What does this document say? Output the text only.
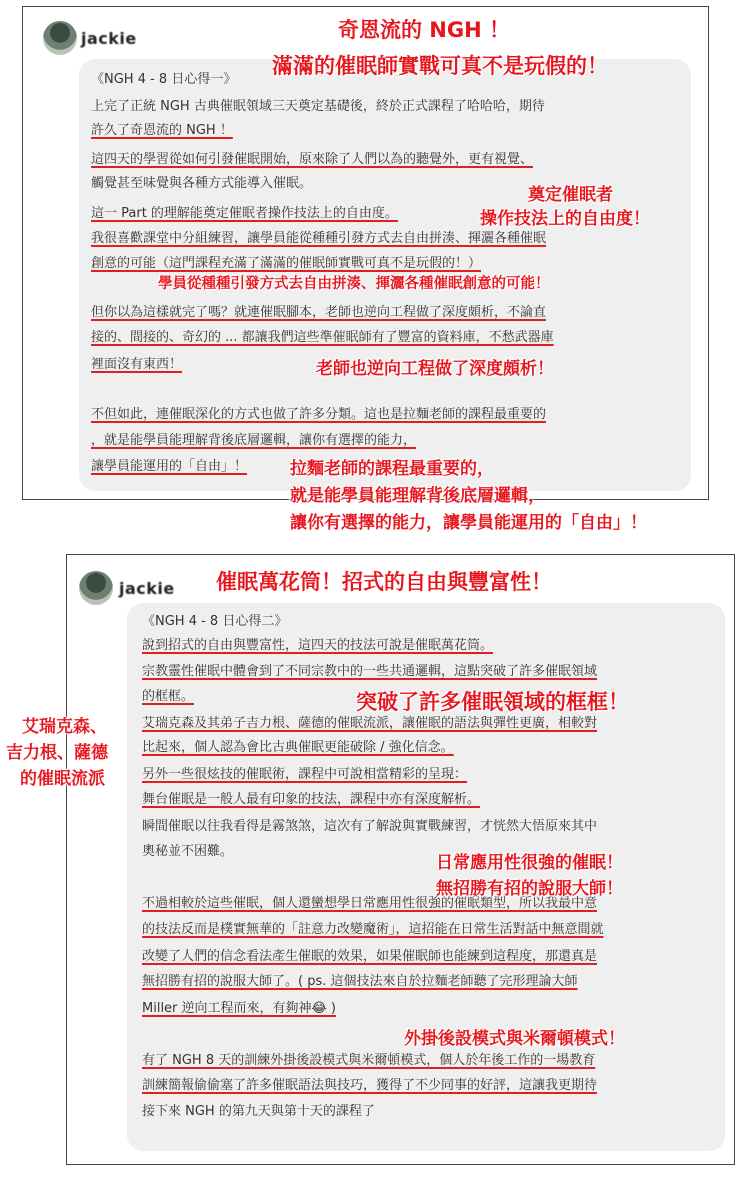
jackie
《NGH 4 - 8 日心得一》
上完了正統 NGH 古典催眠領域三天奠定基礎後，終於正式課程了哈哈哈，期待
許久了奇恩流的 NGH ！
這四天的學習從如何引發催眠開始，原來除了人們以為的聽覺外，更有視覺、
觸覺甚至味覺與各種方式能導入催眠。
這一 Part 的理解能奠定催眠者操作技法上的自由度。
我很喜歡課堂中分組練習，讓學員能從種種引發方式去自由拼湊、揮灑各種催眠
創意的可能（這門課程充滿了滿滿的催眠師實戰可真不是玩假的！）
但你以為這樣就完了嗎？就連催眠腳本，老師也逆向工程做了深度頗析，不論直
接的、間接的、奇幻的 ... 都讓我們這些準催眠師有了豐富的資料庫，不愁武器庫
裡面沒有東西！
不但如此，連催眠深化的方式也做了許多分類。這也是拉麵老師的課程最重要的
，就是能學員能理解背後底層邏輯，讓你有選擇的能力，
讓學員能運用的「自由」！
奇恩流的 NGH ！
滿滿的催眠師實戰可真不是玩假的！
奠定催眠者
操作技法上的自由度！
學員從種種引發方式去自由拼湊、揮灑各種催眠創意的可能！
老師也逆向工程做了深度頗析！
拉麵老師的課程最重要的，
就是能學員能理解背後底層邏輯，
讓你有選擇的能力，讓學員能運用的「自由」！
jackie
《NGH 4 - 8 日心得二》
說到招式的自由與豐富性，這四天的技法可說是催眠萬花筒。
宗教靈性催眠中體會到了不同宗教中的一些共通邏輯，這點突破了許多催眠領域
的框框。
艾瑞克森及其弟子吉力根、薩德的催眠流派，讓催眠的語法與彈性更廣，相較對
比起來，個人認為會比古典催眠更能破除 / 強化信念。
另外一些很炫技的催眠術，課程中可說相當精彩的呈現：
舞台催眠是一般人最有印象的技法，課程中亦有深度解析。
瞬間催眠以往我看得是霧煞煞，這次有了解說與實戰練習，才恍然大悟原來其中
奧秘並不困難。
不過相較於這些催眠，個人還蠻想學日常應用性很強的催眠類型，所以我最中意
的技法反而是樸實無華的「註意力改變魔術」，這招能在日常生活對話中無意間就
改變了人們的信念看法產生催眠的效果，如果催眠師也能練到這程度，那還真是
無招勝有招的說服大師了。( ps. 這個技法來自於拉麵老師聽了完形理論大師
Miller 逆向工程而來，有夠神😂 )
有了 NGH 8 天的訓練外掛後設模式與米爾頓模式，個人於年後工作的一場教育
訓練簡報偷偷塞了許多催眠語法與技巧，獲得了不少同事的好評，這讓我更期待
接下來 NGH 的第九天與第十天的課程了
催眠萬花筒！招式的自由與豐富性！
突破了許多催眠領域的框框！
艾瑞克森、
吉力根、薩德
的催眠流派
日常應用性很強的催眠！
無招勝有招的說服大師！
外掛後設模式與米爾頓模式！
